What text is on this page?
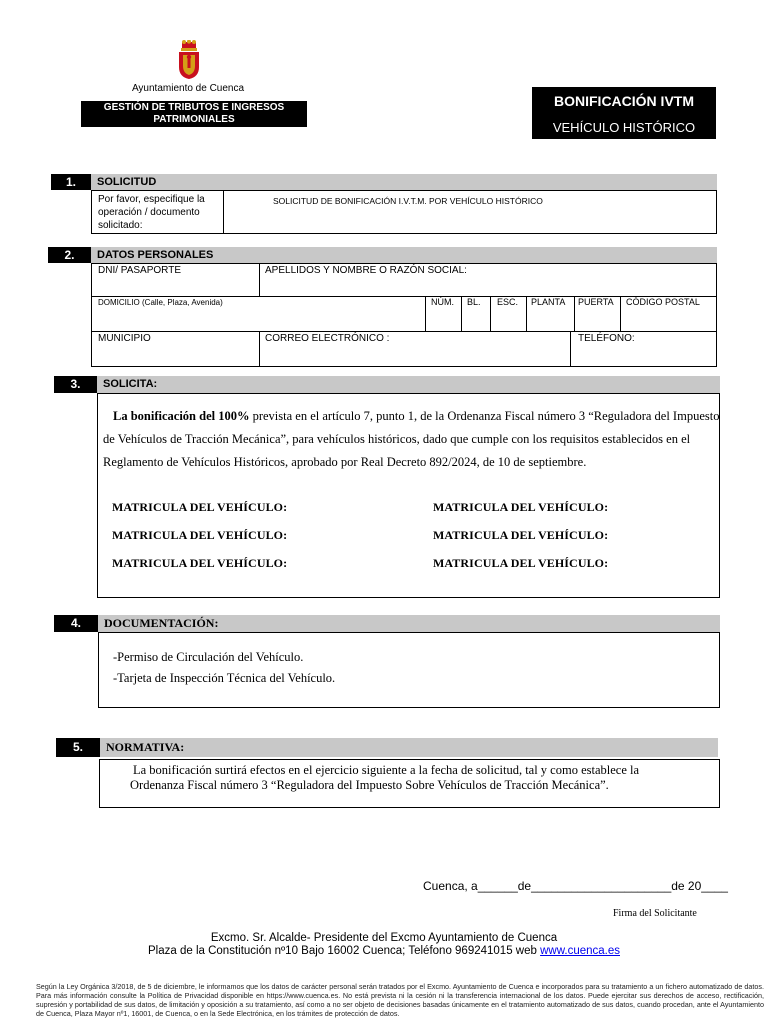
Ayuntamiento de Cuenca
GESTIÓN DE TRIBUTOS E INGRESOS
PATRIMONIALES
BONIFICACIÓN IVTM
VEHÍCULO HISTÓRICO
1.	SOLICITUD
Por favor, especifique la operación / documento solicitado:
SOLICITUD DE BONIFICACIÓN I.V.T.M. POR VEHÍCULO HISTÓRICO
2.	DATOS PERSONALES
DNI/ PASAPORTE	APELLIDOS Y NOMBRE O RAZÓN SOCIAL:
DOMICILIO (Calle, Plaza, Avenida)	NÚM. BL. ESC. PLANTA PUERTA CÓDIGO POSTAL
MUNICIPIO	CORREO ELECTRÓNICO :	TELÉFONO:
3.	SOLICITA:
La bonificación del 100% prevista en el artículo 7, punto 1, de la Ordenanza Fiscal número 3 “Reguladora del Impuesto
de Vehículos de Tracción Mecánica”, para vehículos históricos, dado que cumple con los requisitos establecidos en el
Reglamento de Vehículos Históricos, aprobado por Real Decreto 892/2024, de 10 de septiembre.
MATRICULA DEL VEHÍCULO:
MATRICULA DEL VEHÍCULO:
MATRICULA DEL VEHÍCULO:
MATRICULA DEL VEHÍCULO:
MATRICULA DEL VEHÍCULO:
MATRICULA DEL VEHÍCULO:
4.	DOCUMENTACIÓN:
-Permiso de Circulación del Vehículo.
-Tarjeta de Inspección Técnica del Vehículo.
5.	NORMATIVA:
La bonificación surtirá efectos en el ejercicio siguiente a la fecha de solicitud, tal y como establece la
Ordenanza Fiscal número 3 “Reguladora del Impuesto Sobre Vehículos de Tracción Mecánica”.
Cuenca, a______de_____________________de 20____
Firma del Solicitante
Excmo. Sr. Alcalde- Presidente del Excmo Ayuntamiento de Cuenca
Plaza de la Constitución nº10 Bajo 16002 Cuenca; Teléfono 969241015 web www.cuenca.es
Según la Ley Orgánica 3/2018, de 5 de diciembre, le informamos que los datos de carácter personal serán tratados por el Excmo. Ayuntamiento de Cuenca e incorporados para su tratamiento a un fichero automatizado de datos. Para más información consulte la Política de Privacidad disponible en https://www.cuenca.es. No está prevista ni la cesión ni la transferencia internacional de los datos. Puede ejercitar sus derechos de acceso, rectificación, supresión y portabilidad de sus datos, de limitación y oposición a su tratamiento, así como a no ser objeto de decisiones basadas únicamente en el tratamiento automatizado de sus datos, cuando procedan, ante el Ayuntamiento de Cuenca, Plaza Mayor nº1, 16001, de Cuenca, o en la Sede Electrónica, en los trámites de protección de datos.
